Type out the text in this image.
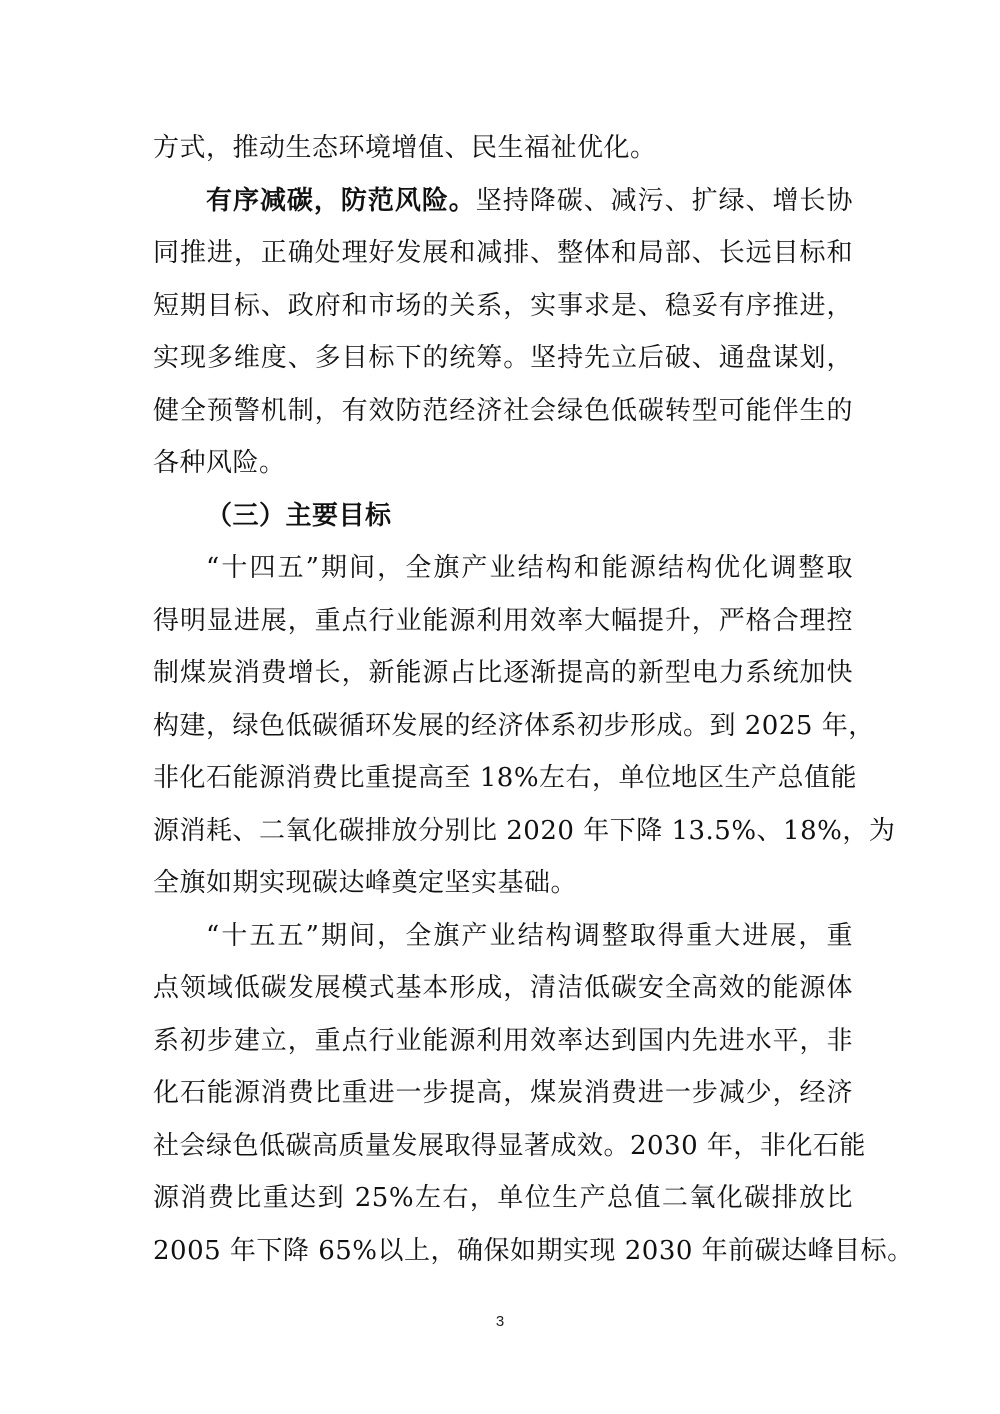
方式，推动生态环境增值、民生福祉优化。
有序减碳，防范风险。坚持降碳、减污、扩绿、增长协
同推进，正确处理好发展和减排、整体和局部、长远目标和
短期目标、政府和市场的关系，实事求是、稳妥有序推进，
实现多维度、多目标下的统筹。坚持先立后破、通盘谋划，
健全预警机制，有效防范经济社会绿色低碳转型可能伴生的
各种风险。
（三）主要目标
“十四五”期间，全旗产业结构和能源结构优化调整取
得明显进展，重点行业能源利用效率大幅提升，严格合理控
制煤炭消费增长，新能源占比逐渐提高的新型电力系统加快
构建，绿色低碳循环发展的经济体系初步形成。到 2025 年，
非化石能源消费比重提高至 18%左右，单位地区生产总值能
源消耗、二氧化碳排放分别比 2020 年下降 13.5%、18%，为
全旗如期实现碳达峰奠定坚实基础。
“十五五”期间，全旗产业结构调整取得重大进展，重
点领域低碳发展模式基本形成，清洁低碳安全高效的能源体
系初步建立，重点行业能源利用效率达到国内先进水平，非
化石能源消费比重进一步提高，煤炭消费进一步减少，经济
社会绿色低碳高质量发展取得显著成效。2030 年，非化石能
源消费比重达到 25%左右，单位生产总值二氧化碳排放比
2005 年下降 65%以上，确保如期实现 2030 年前碳达峰目标。
3
